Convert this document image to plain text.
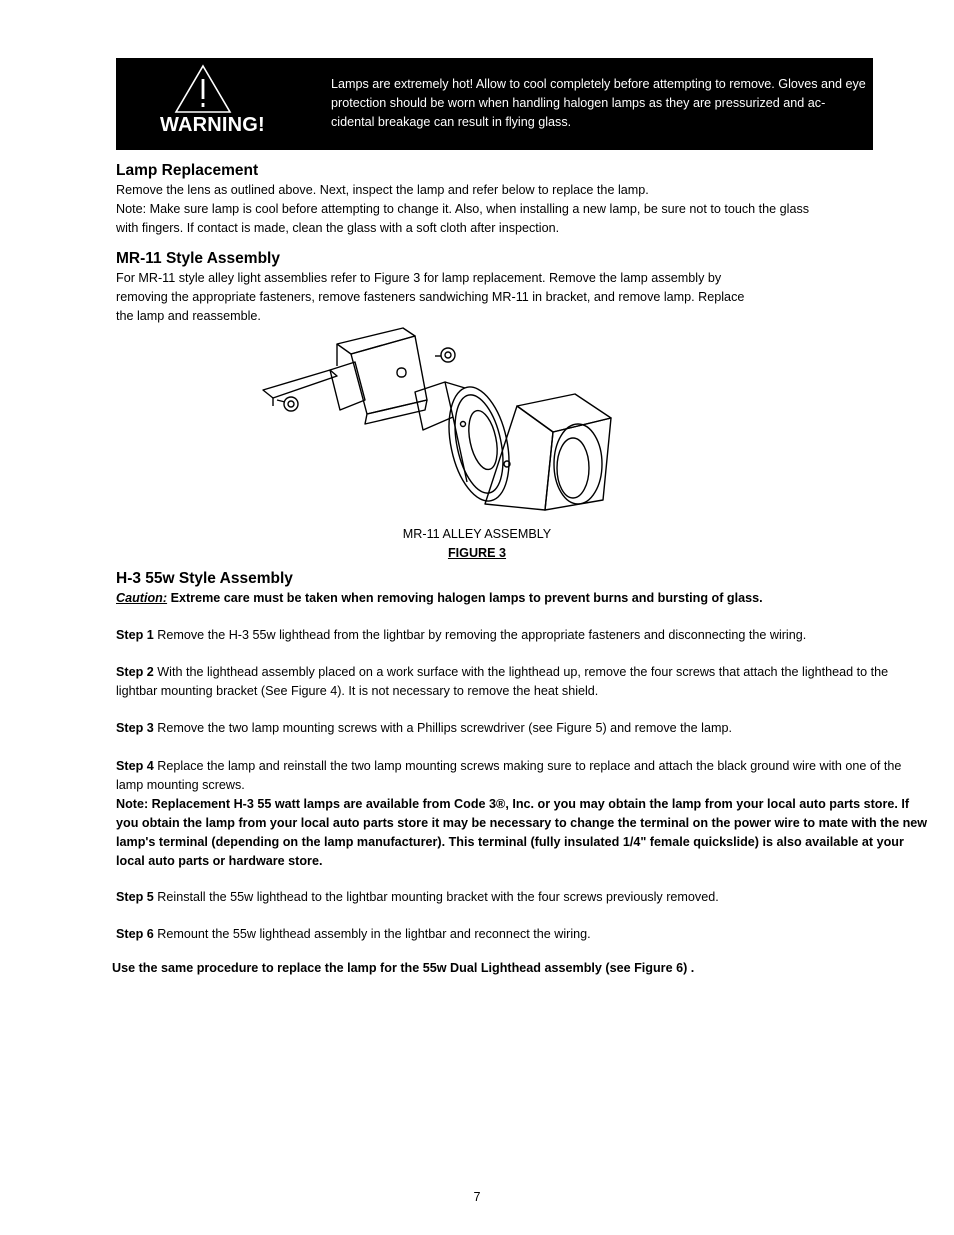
WARNING!
Lamps are extremely hot! Allow to cool completely before attempting to remove. Gloves and eye protection should be worn when handling halogen lamps as they are pressurized and ac-cidental breakage can result in flying glass.
Lamp Replacement

Remove the lens as outlined above. Next, inspect the lamp and refer below to replace the lamp.

Note: Make sure lamp is cool before attempting to change it. Also, when installing a new lamp, be sure not to touch the glass

with fingers. If contact is made, clean the glass with a soft cloth after inspection.

MR-11 Style Assembly

For MR-11 style alley light assemblies refer to Figure 3 for lamp replacement. Remove the lamp assembly by

removing the appropriate fasteners, remove fasteners sandwiching MR-11 in bracket, and remove lamp. Replace

the lamp and reassemble.

MR-11 ALLEY ASSEMBLY
FIGURE 3
H-3 55w Style Assembly
Caution: Extreme care must be taken when removing halogen lamps to prevent burns and bursting of glass.
Step 1 Remove the H-3 55w lighthead from the lightbar by removing the appropriate fasteners and disconnecting the wiring.
Step 2 With the lighthead assembly placed on a work surface with the lighthead up, remove the four screws that attach the lighthead to the lightbar mounting bracket (See Figure 4). It is not necessary to remove the heat shield.
Step 3 Remove the two lamp mounting screws with a Phillips screwdriver (see Figure 5) and remove the lamp.
Step 4 Replace the lamp and reinstall the two lamp mounting screws making sure to replace and attach the black ground wire with one of the lamp mounting screws.
Note: Replacement H-3 55 watt lamps are available from Code 3®, Inc. or you may obtain the lamp from your local auto parts store. If you obtain the lamp from your local auto parts store it may be necessary to change the terminal on the power wire to mate with the new lamp's terminal (depending on the lamp manufacturer). This terminal (fully insulated 1/4" female quickslide) is also available at your local auto parts or hardware store.
Step 5 Reinstall the 55w lighthead to the lightbar mounting bracket with the four screws previously removed.
Step 6 Remount the 55w lighthead assembly in the lightbar and reconnect the wiring.
Use the same procedure to replace the lamp for the 55w Dual Lighthead assembly (see Figure 6) .
7
